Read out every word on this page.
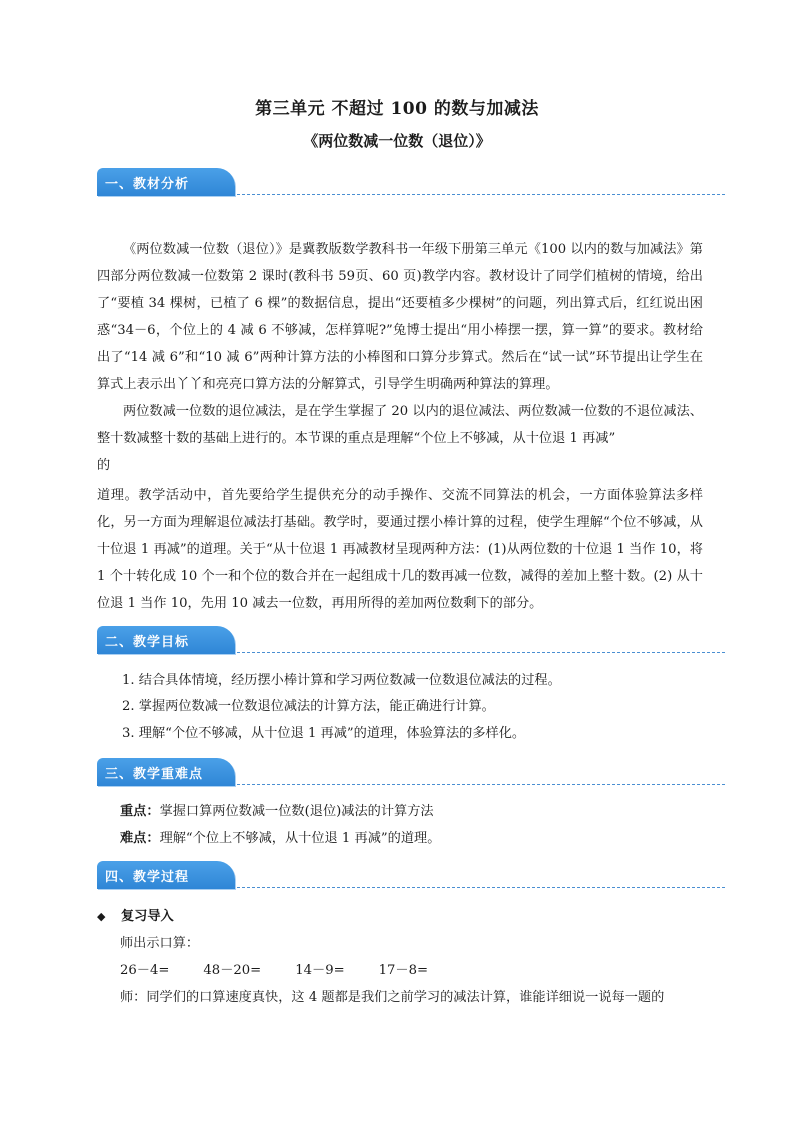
第三单元 不超过 100 的数与加减法
《两位数减一位数（退位）》
一、教材分析

《两位数减一位数（退位）》是冀教版数学教科书一年级下册第三单元《100 以内的数与加减法》第四部分两位数减一位数第 2 课时(教科书 59页、60 页)教学内容。教材设计了同学们植树的情境，给出了“要植 34 棵树，已植了 6 棵”的数据信息，提出“还要植多少棵树”的问题，列出算式后，红红说出困惑“34－6，个位上的 4 减 6 不够减，怎样算呢?”兔博士提出“用小棒摆一摆，算一算”的要求。教材给出了“14 减 6”和“10 减 6”两种计算方法的小棒图和口算分步算式。然后在“试一试”环节提出让学生在算式上表示出丫丫和亮亮口算方法的分解算式，引导学生明确两种算法的算理。

两位数减一位数的退位减法，是在学生掌握了 20 以内的退位减法、两位数减一位数的不退位减法、整十数减整十数的基础上进行的。本节课的重点是理解“个位上不够减，从十位退 1 再减”

的

道理。教学活动中，首先要给学生提供充分的动手操作、交流不同算法的机会，一方面体验算法多样化，另一方面为理解退位减法打基础。教学时，要通过摆小棒计算的过程，使学生理解“个位不够减，从十位退 1 再减”的道理。关于“从十位退 1 再减教材呈现两种方法：(1)从两位数的十位退 1 当作 10，将 1 个十转化成 10 个一和个位的数合并在一起组成十几的数再减一位数，减得的差加上整十数。(2) 从十位退 1 当作 10，先用 10 减去一位数，再用所得的差加两位数剩下的部分。

二、教学目标
1. 结合具体情境，经历摆小棒计算和学习两位数减一位数退位减法的过程。
2. 掌握两位数减一位数退位减法的计算方法，能正确进行计算。
3. 理解“个位不够减，从十位退 1 再减”的道理，体验算法的多样化。
三、教学重难点
重点：掌握口算两位数减一位数(退位)减法的计算方法
难点：理解“个位上不够减，从十位退 1 再减”的道理。
四、教学过程
◆ 复习导入
师出示口算：
26－4=	48－20=	14－9=	17－8=
师：同学们的口算速度真快，这 4 题都是我们之前学习的减法计算，谁能详细说一说每一题的
